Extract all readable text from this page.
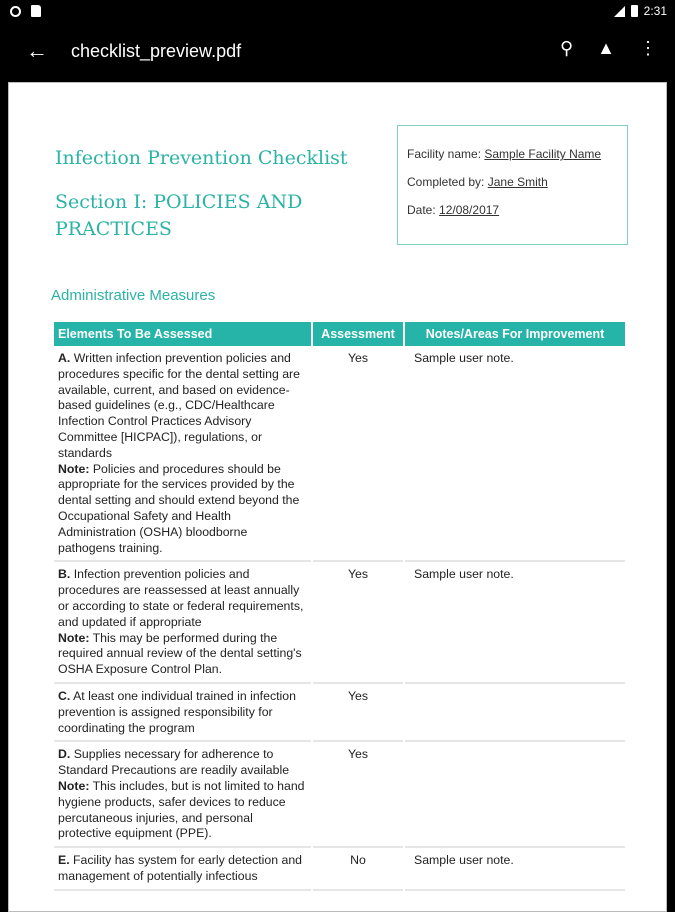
2:31
← checklist_preview.pdf	⚲ ▲ ⋮
Infection Prevention Checklist
Section I: POLICIES AND PRACTICES
Facility name: Sample Facility Name
Completed by: Jane Smith
Date: 12/08/2017
Administrative Measures
Elements To Be Assessed	Assessment	Notes/Areas For Improvement
A. Written infection prevention policies and procedures specific for the dental setting are available, current, and based on evidence-based guidelines (e.g., CDC/Healthcare Infection Control Practices Advisory Committee [HICPAC]), regulations, or standards
Note: Policies and procedures should be appropriate for the services provided by the dental setting and should extend beyond the Occupational Safety and Health Administration (OSHA) bloodborne pathogens training.	Yes	Sample user note.
B. Infection prevention policies and procedures are reassessed at least annually or according to state or federal requirements, and updated if appropriate
Note: This may be performed during the required annual review of the dental setting's OSHA Exposure Control Plan.	Yes	Sample user note.
C. At least one individual trained in infection prevention is assigned responsibility for coordinating the program	Yes	
D. Supplies necessary for adherence to Standard Precautions are readily available
Note: This includes, but is not limited to hand hygiene products, safer devices to reduce percutaneous injuries, and personal protective equipment (PPE).	Yes	
E. Facility has system for early detection and management of potentially infectious	No	Sample user note.
